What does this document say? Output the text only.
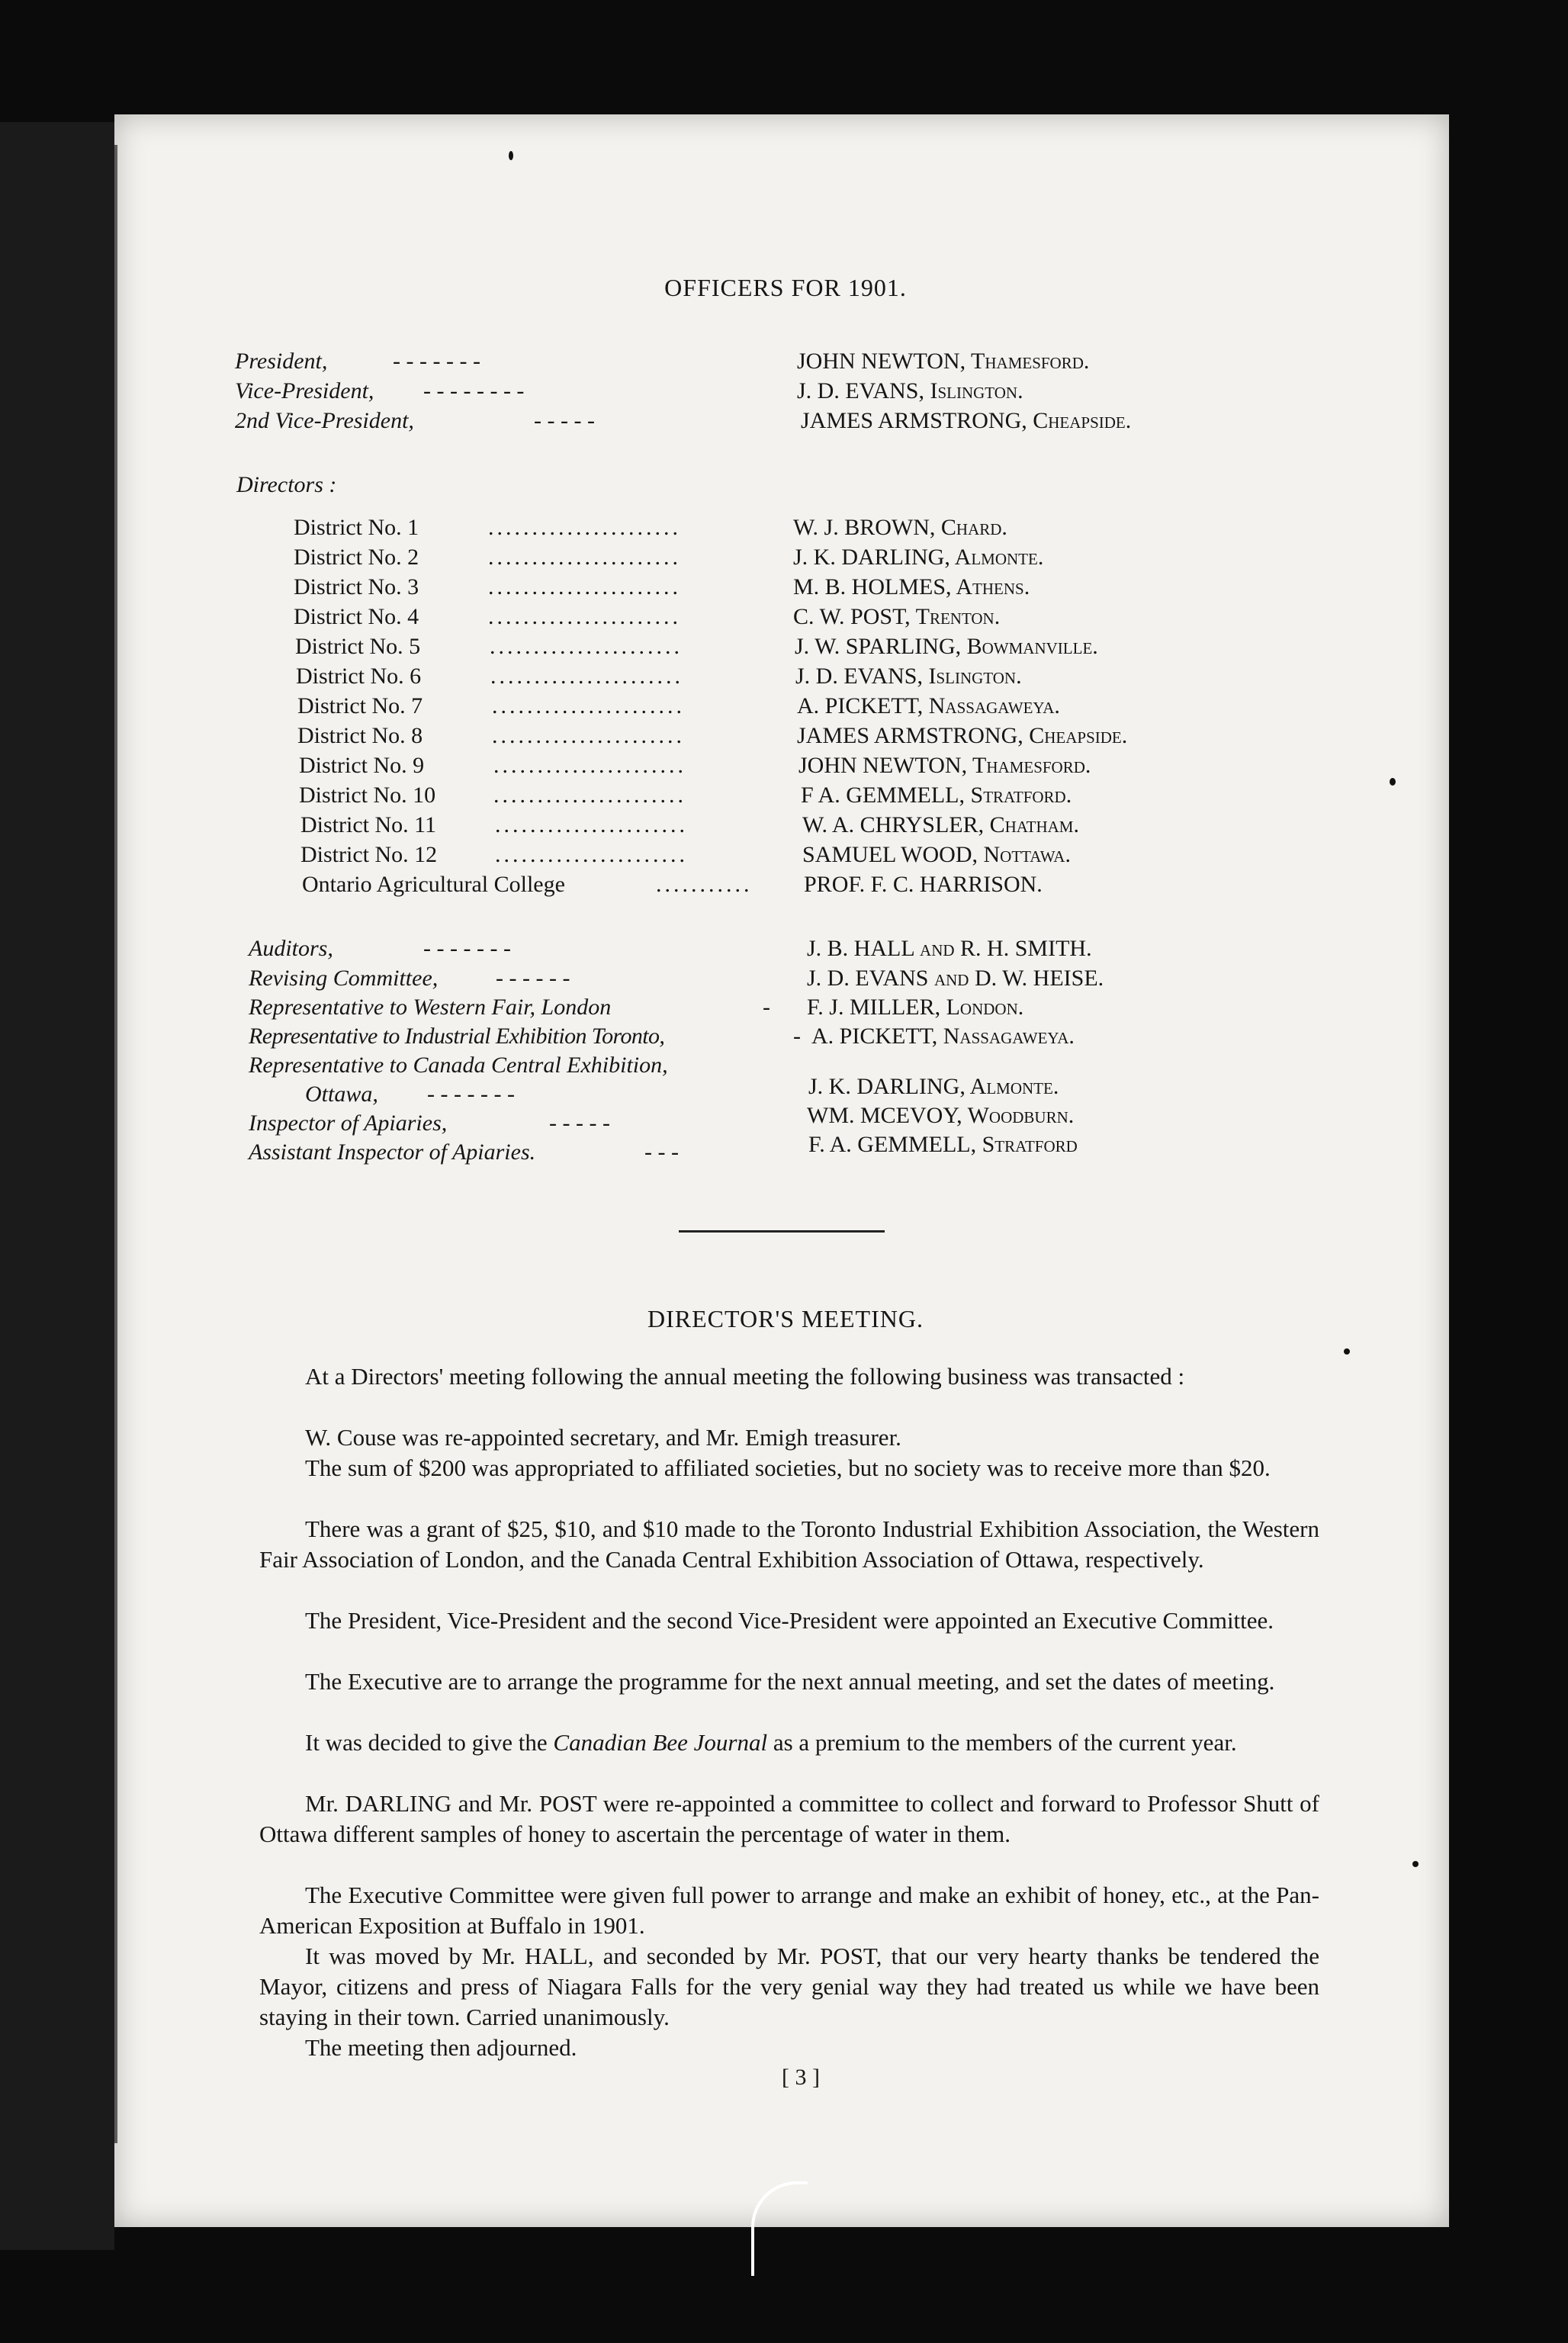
OFFICERS FOR 1901.
President,	- - - - - - -	JOHN NEWTON, Thamesford.
Vice-President, - - - - - - - -	J. D. EVANS, Islington.
2nd Vice-President,	- - - - -	JAMES ARMSTRONG, Cheapside.
Directors :
District No. 1	......................	W. J. BROWN, Chard.
District No. 2	......................	J. K. DARLING, Almonte.
District No. 3	......................	M. B. HOLMES, Athens.
District No. 4	......................	C. W. POST, Trenton.
District No. 5	......................	J. W. SPARLING, Bowmanville.
District No. 6	......................	J. D. EVANS, Islington.
District No. 7	......................	A. PICKETT, Nassagaweya.
District No. 8	......................	JAMES ARMSTRONG, Cheapside.
District No. 9	......................	JOHN NEWTON, Thamesford.
District No. 10	......................	F A. GEMMELL, Stratford.
District No. 11	......................	W. A. CHRYSLER, Chatham.
District No. 12	......................	SAMUEL WOOD, Nottawa.
Ontario Agricultural College	........... PROF. F. C. HARRISON.
Auditors,	- - - - - - -	J. B. HALL and R. H. SMITH.
Revising Committee,	- - - - - -	J. D. EVANS and D. W. HEISE.
Representative to Western Fair, London	- F. J. MILLER, London.
Representative to Industrial Exhibition Toronto,	- A. PICKETT, Nassagaweya.
Representative to Canada Central Exhibition,
Ottawa, - - - - - - -	J. K. DARLING, Almonte.
Inspector of Apiaries,	- - - - -	WM. MCEVOY, Woodburn.
Assistant Inspector of Apiaries.	- - -	F. A. GEMMELL, Stratford
DIRECTOR'S MEETING.
At a Directors' meeting following the annual meeting the following business was transacted :
W. Couse was re-appointed secretary, and Mr. Emigh treasurer.
The sum of $200 was appropriated to affiliated societies, but no society was to receive more than $20.
There was a grant of $25, $10, and $10 made to the Toronto Industrial Exhibition Association, the Western Fair Association of London, and the Canada Central Exhibition Association of Ottawa, respectively.
The President, Vice-President and the second Vice-President were appointed an Executive Committee.
The Executive are to arrange the programme for the next annual meeting, and set the dates of meeting.
It was decided to give the Canadian Bee Journal as a premium to the members of the current year.
Mr. DARLING and Mr. POST were re-appointed a committee to collect and forward to Professor Shutt of Ottawa different samples of honey to ascertain the percentage of water in them.
The Executive Committee were given full power to arrange and make an exhibit of honey, etc., at the Pan-American Exposition at Buffalo in 1901.
It was moved by Mr. HALL, and seconded by Mr. POST, that our very hearty thanks be tendered the Mayor, citizens and press of Niagara Falls for the very genial way they had treated us while we have been staying in their town. Carried unanimously.
The meeting then adjourned.
[ 3 ]
